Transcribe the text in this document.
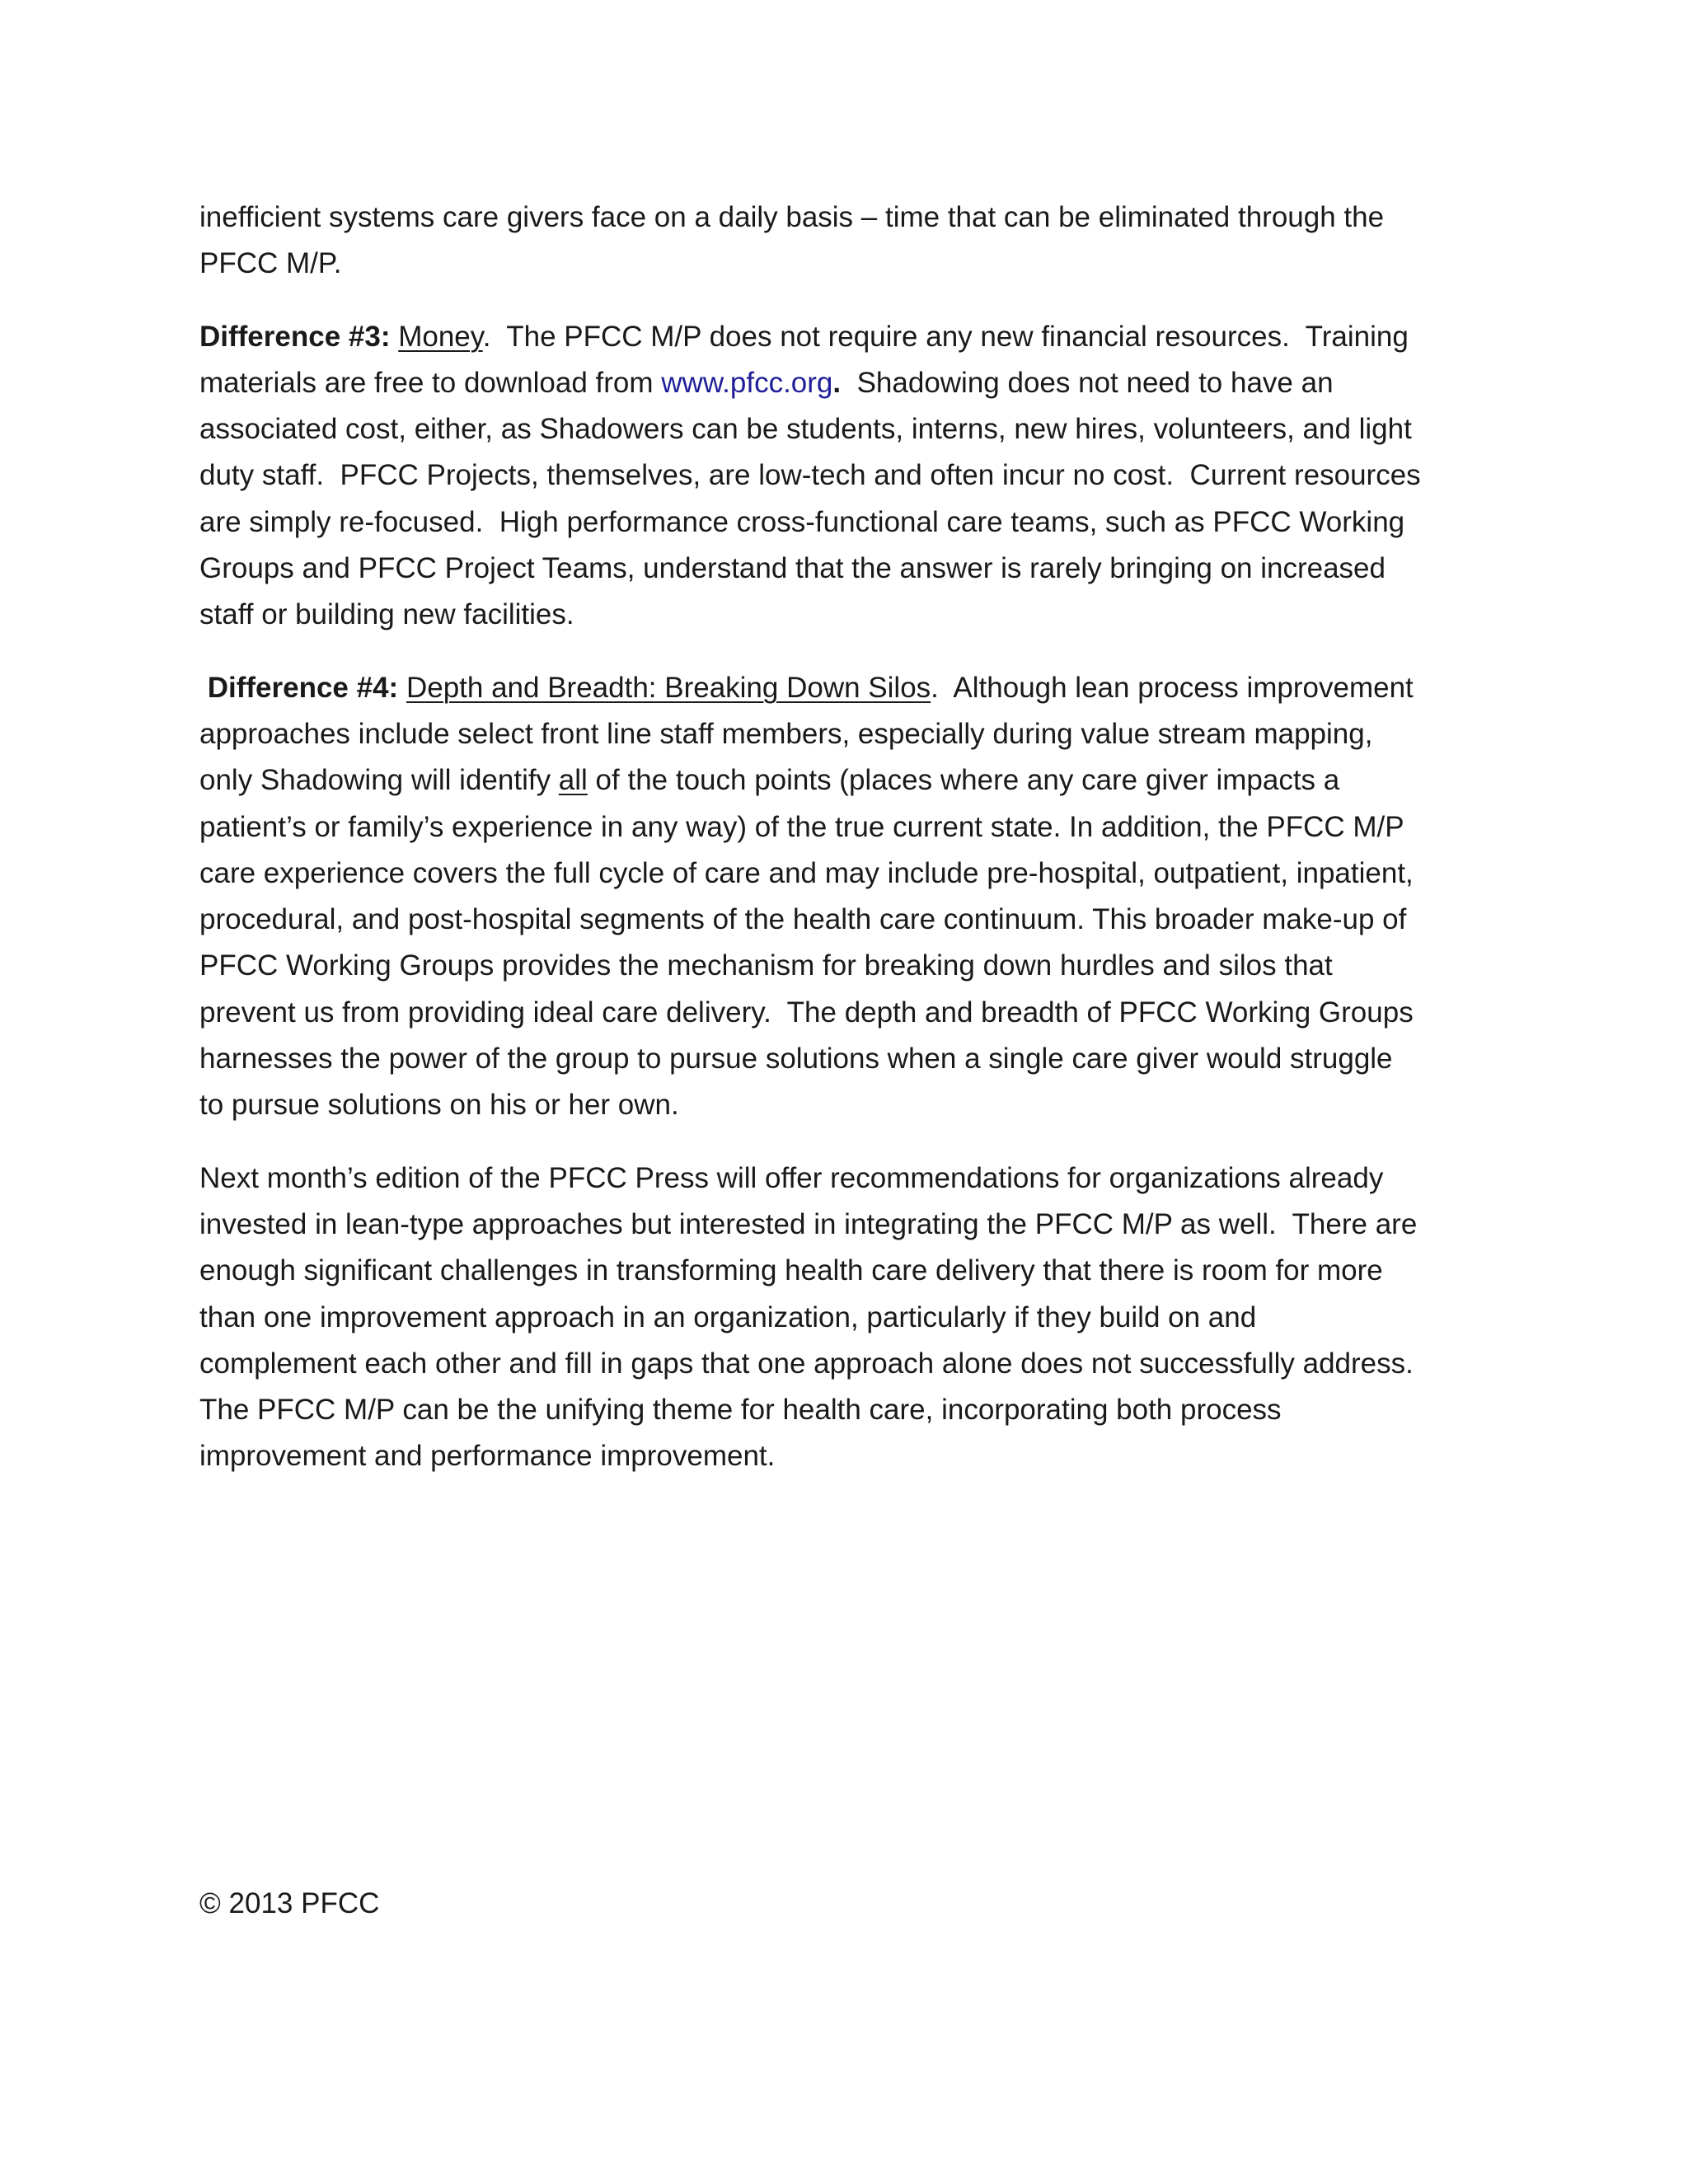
inefficient systems care givers face on a daily basis – time that can be eliminated through the
PFCC M/P.

Difference #3: Money.  The PFCC M/P does not require any new financial resources.  Training
materials are free to download from www.pfcc.org.  Shadowing does not need to have an
associated cost, either, as Shadowers can be students, interns, new hires, volunteers, and light
duty staff.  PFCC Projects, themselves, are low-tech and often incur no cost.  Current resources
are simply re-focused.  High performance cross-functional care teams, such as PFCC Working
Groups and PFCC Project Teams, understand that the answer is rarely bringing on increased
staff or building new facilities.

Difference #4: Depth and Breadth: Breaking Down Silos.  Although lean process improvement
approaches include select front line staff members, especially during value stream mapping,
only Shadowing will identify all of the touch points (places where any care giver impacts a
patient’s or family’s experience in any way) of the true current state. In addition, the PFCC M/P
care experience covers the full cycle of care and may include pre-hospital, outpatient, inpatient,
procedural, and post-hospital segments of the health care continuum. This broader make-up of
PFCC Working Groups provides the mechanism for breaking down hurdles and silos that
prevent us from providing ideal care delivery.  The depth and breadth of PFCC Working Groups
harnesses the power of the group to pursue solutions when a single care giver would struggle
to pursue solutions on his or her own.

Next month’s edition of the PFCC Press will offer recommendations for organizations already
invested in lean-type approaches but interested in integrating the PFCC M/P as well.  There are
enough significant challenges in transforming health care delivery that there is room for more
than one improvement approach in an organization, particularly if they build on and
complement each other and fill in gaps that one approach alone does not successfully address.
The PFCC M/P can be the unifying theme for health care, incorporating both process
improvement and performance improvement.

© 2013 PFCC
